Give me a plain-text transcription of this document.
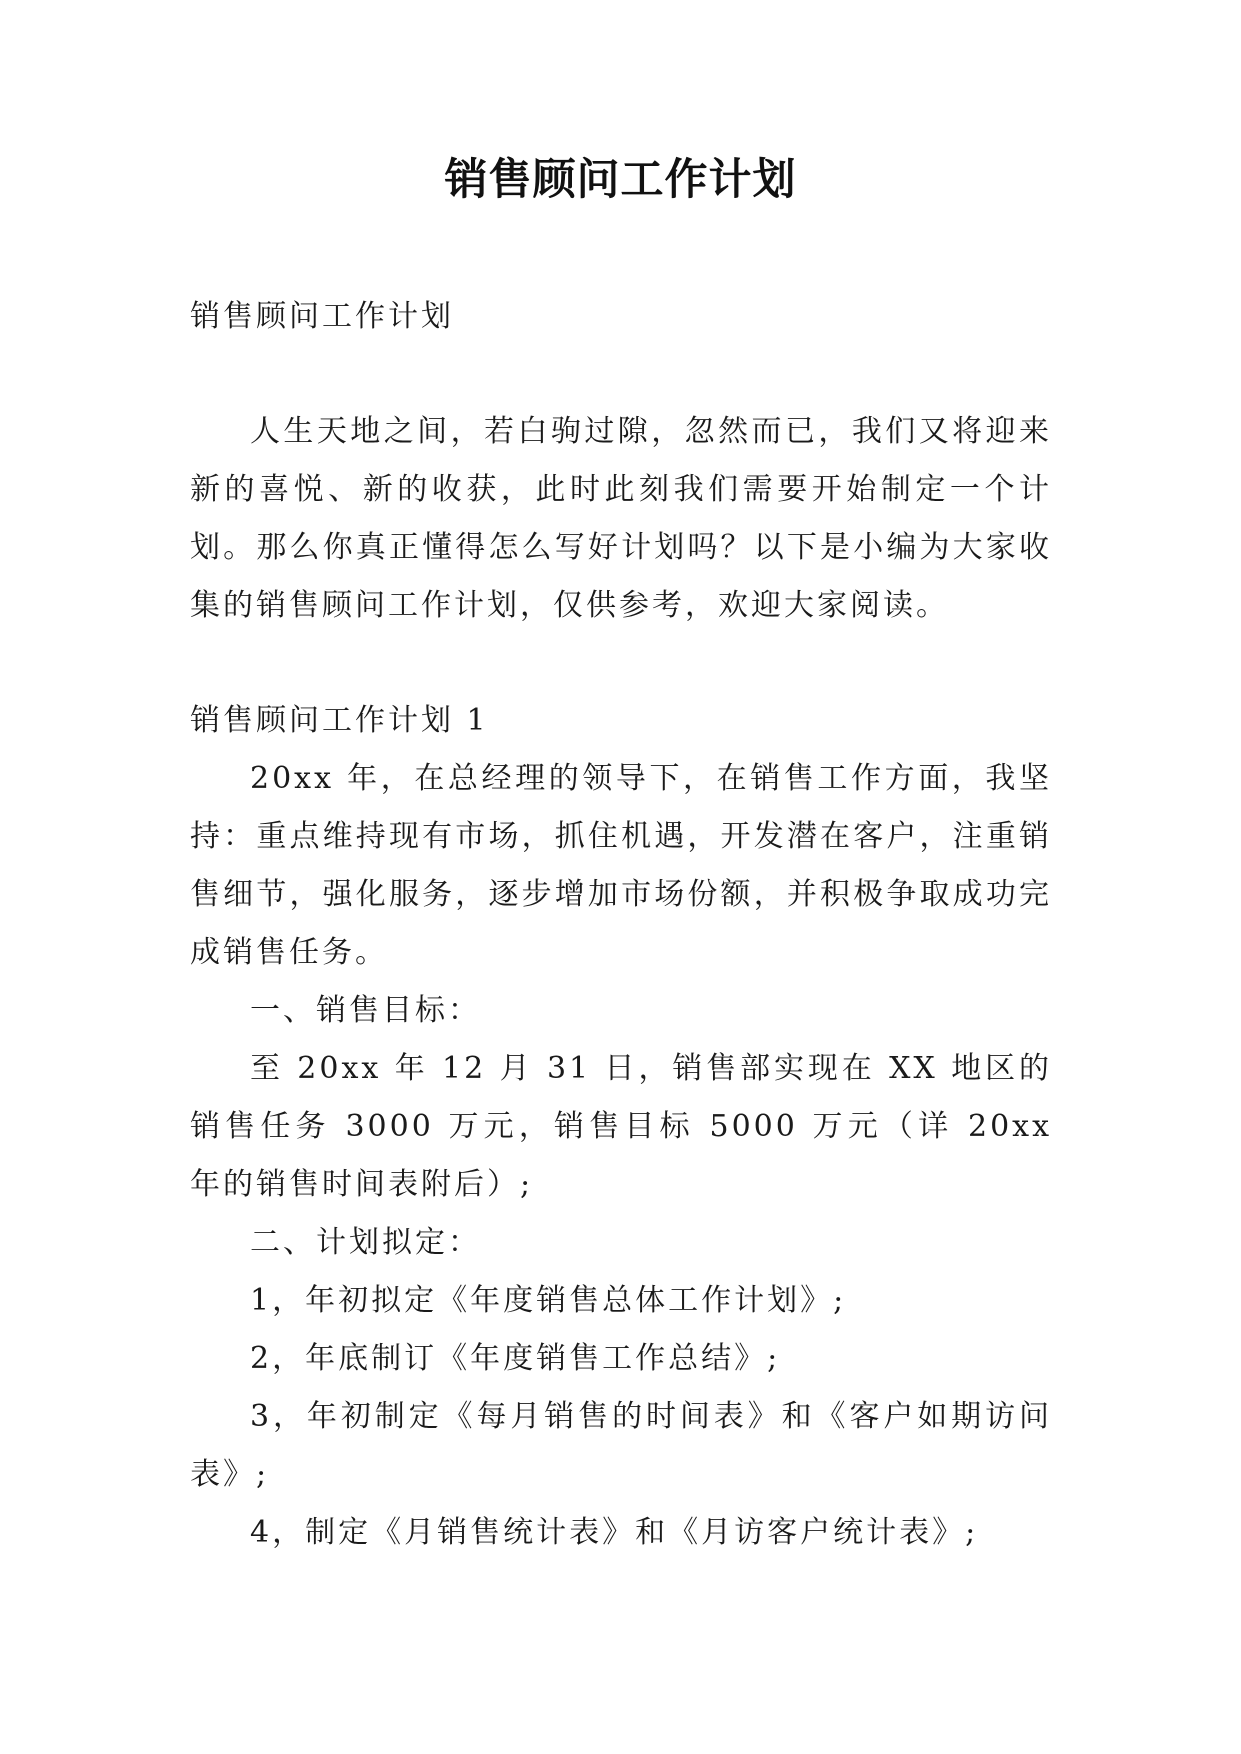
销售顾问工作计划

销售顾问工作计划

人生天地之间，若白驹过隙，忽然而已，我们又将迎来新的喜悦、新的收获，此时此刻我们需要开始制定一个计划。那么你真正懂得怎么写好计划吗？以下是小编为大家收集的销售顾问工作计划，仅供参考，欢迎大家阅读。

销售顾问工作计划 1

20xx 年，在总经理的领导下，在销售工作方面，我坚持：重点维持现有市场，抓住机遇，开发潜在客户，注重销售细节，强化服务，逐步增加市场份额，并积极争取成功完成销售任务。

一、销售目标：

至 20xx 年 12 月 31 日，销售部实现在 XX 地区的销售任务 3000 万元，销售目标 5000 万元（详 20xx 年的销售时间表附后）;

二、计划拟定：

1，年初拟定《年度销售总体工作计划》;

2，年底制订《年度销售工作总结》;

3，年初制定《每月销售的时间表》和《客户如期访问表》;

4，制定《月销售统计表》和《月访客户统计表》;
